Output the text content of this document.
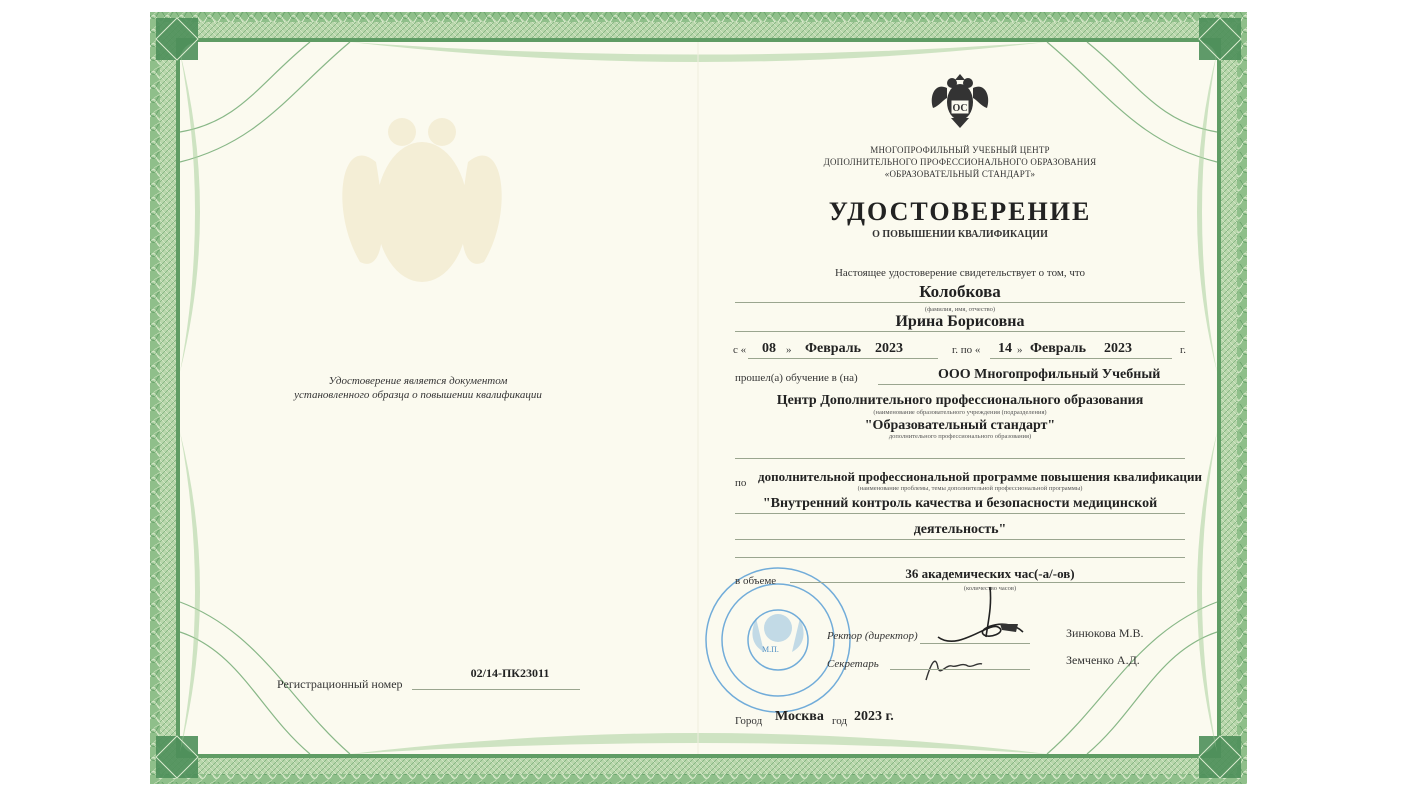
Удостоверение является документом
установленного образца о повышении квалификации
Регистрационный номер
02/14-ПК23011
ОС
МНОГОПРОФИЛЬНЫЙ УЧЕБНЫЙ ЦЕНТР
ДОПОЛНИТЕЛЬНОГО ПРОФЕССИОНАЛЬНОГО ОБРАЗОВАНИЯ
«ОБРАЗОВАТЕЛЬНЫЙ СТАНДАРТ»
УДОСТОВЕРЕНИЕ
О ПОВЫШЕНИИ КВАЛИФИКАЦИИ
Настоящее удостоверение свидетельствует о том, что
Колобкова
(фамилия, имя, отчество)
Ирина Борисовна
с « 08 » Февраль 2023	г. по « 14 » Февраль 2023	г.
прошел(а) обучение в (на)	ООО Многопрофильный Учебный
Центр Дополнительного профессионального образования
(наименование образовательного учреждения (подразделения)
"Образовательный стандарт"
дополнительного профессионального образования)
по дополнительной профессиональной программе повышения квалификации
(наименование проблемы, темы дополнительной профессиональной программы)
"Внутренний контроль качества и безопасности медицинской
деятельность"
в объеме	36 академических час(-а/-ов)
(количество часов)
М.П.
Ректор (директор)	Зинюкова М.В.
Секретарь	Земченко А.Д.
Город Москва год 2023 г.
